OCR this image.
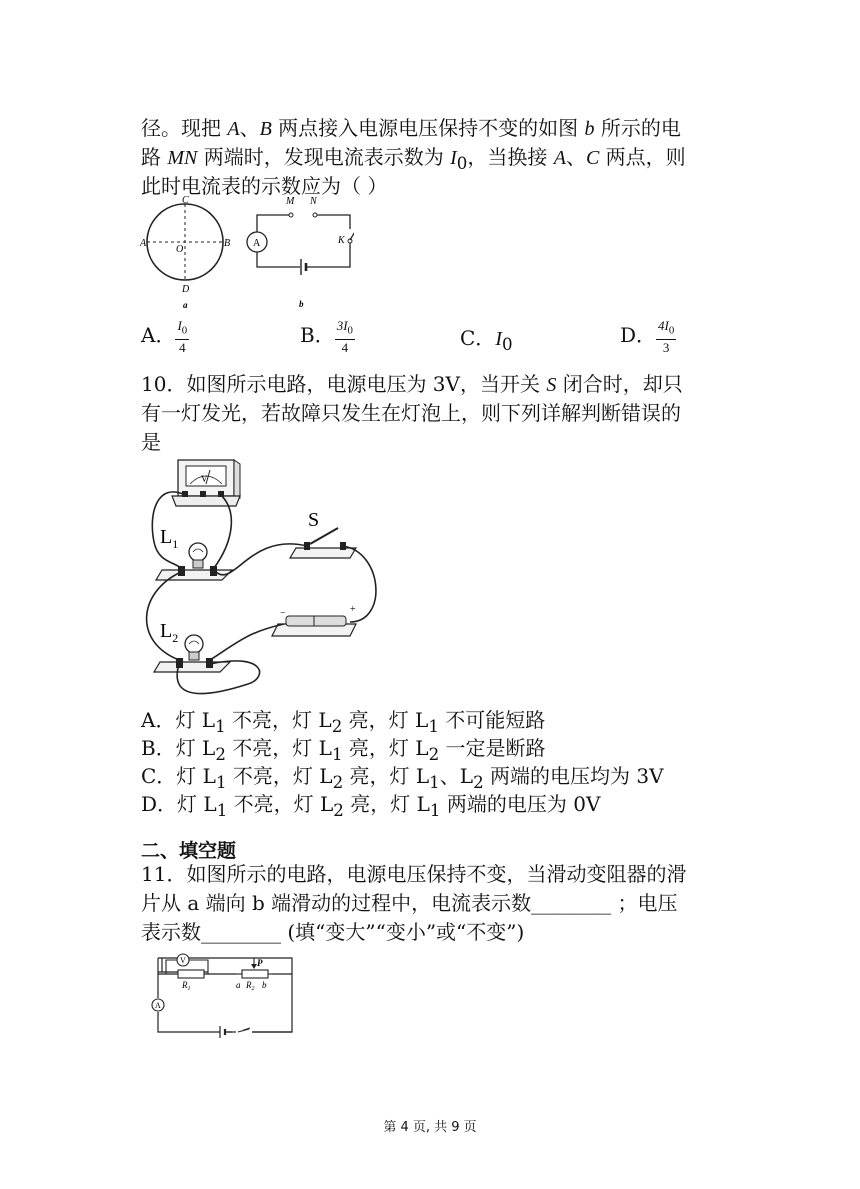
径。现把 A、B 两点接入电源电压保持不变的如图 b 所示的电
路 MN 两端时，发现电流表示数为 $I_0$，当换接 A、C 两点，则
此时电流表的示数应为（ ）
C
A
O
B
D
a
M N
A	K
b
A． $\frac{I_0}{4}$	B． $\frac{3I_0}{4}$	C．$I_0$	D． $\frac{4I_0}{3}$
10．如图所示电路，电源电压为 3V，当开关 S 闭合时，却只
有一灯发光，若故障只发生在灯泡上，则下列详解判断错误的
是
V
$L_1$
$L_2$
S
−	+
A．灯 $L_1$ 不亮，灯 $L_2$ 亮，灯 $L_1$ 不可能短路
B．灯 $L_2$ 不亮，灯 $L_1$ 亮，灯 $L_2$ 一定是断路
C．灯 $L_1$ 不亮，灯 $L_2$ 亮，灯 $L_1$、$L_2$ 两端的电压均为 3V
D．灯 $L_1$ 不亮，灯 $L_2$ 亮，灯 $L_1$ 两端的电压为 0V
二、填空题
11．如图所示的电路，电源电压保持不变，当滑动变阻器的滑
片从 a 端向 b 端滑动的过程中，电流表示数________ ；电压
表示数________ (填“变大”“变小”或“不变”)
V
$R_1$
P
a $R_2$ b
A
第 4 页, 共 9 页
